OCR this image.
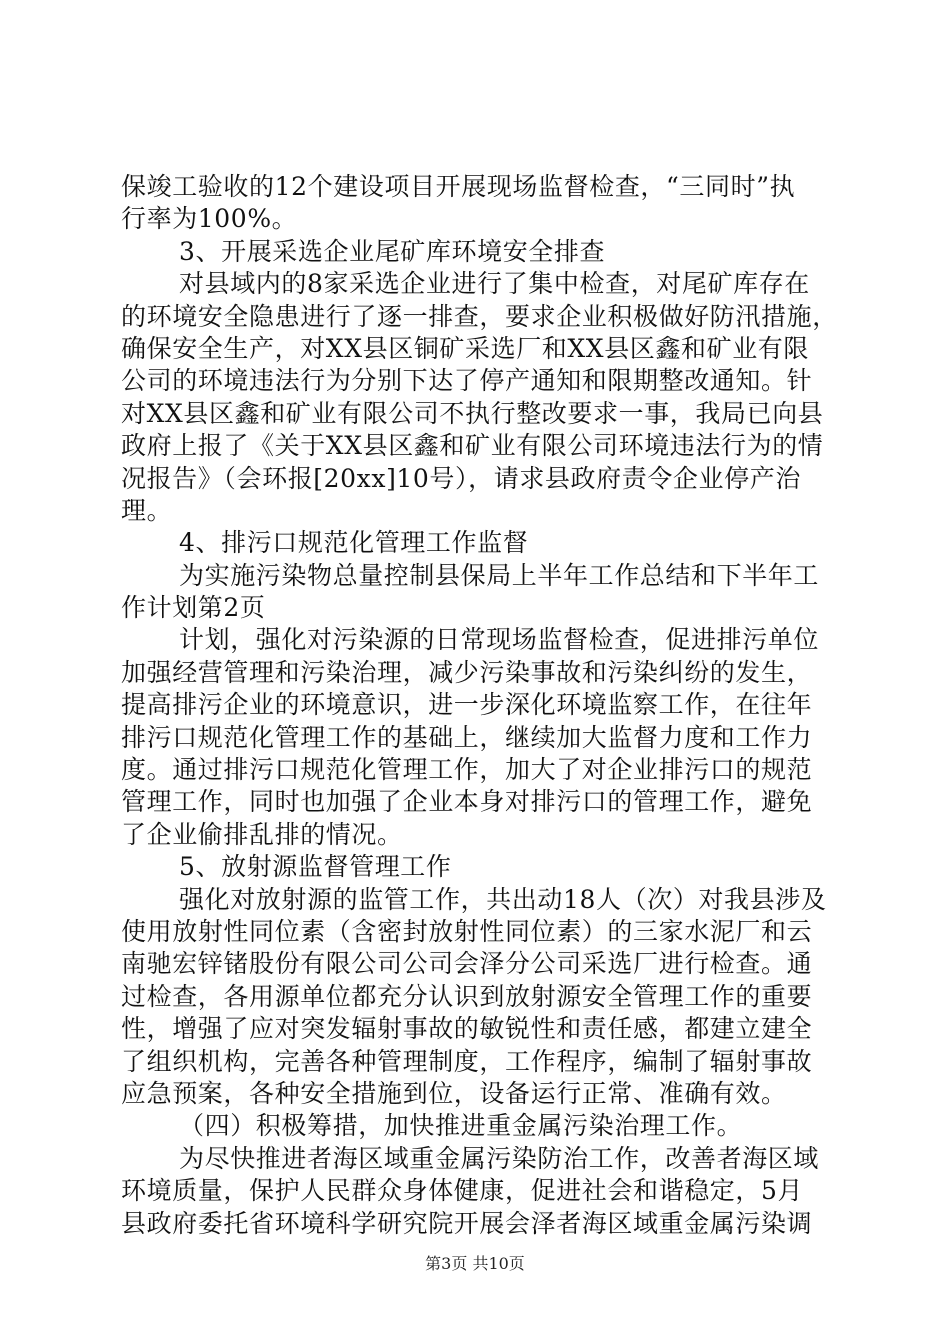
保竣工验收的12个建设项目开展现场监督检查，“三同时”执
行率为100%。
3、开展采选企业尾矿库环境安全排查
对县域内的8家采选企业进行了集中检查，对尾矿库存在
的环境安全隐患进行了逐一排查，要求企业积极做好防汛措施，
确保安全生产，对XX县区铜矿采选厂和XX县区鑫和矿业有限
公司的环境违法行为分别下达了停产通知和限期整改通知。针
对XX县区鑫和矿业有限公司不执行整改要求一事，我局已向县
政府上报了《关于XX县区鑫和矿业有限公司环境违法行为的情
况报告》（会环报[20xx]10号），请求县政府责令企业停产治
理。
4、排污口规范化管理工作监督
为实施污染物总量控制县保局上半年工作总结和下半年工
作计划第2页
计划，强化对污染源的日常现场监督检查，促进排污单位
加强经营管理和污染治理，减少污染事故和污染纠纷的发生，
提高排污企业的环境意识，进一步深化环境监察工作，在往年
排污口规范化管理工作的基础上，继续加大监督力度和工作力
度。通过排污口规范化管理工作，加大了对企业排污口的规范
管理工作，同时也加强了企业本身对排污口的管理工作，避免
了企业偷排乱排的情况。
5、放射源监督管理工作
强化对放射源的监管工作，共出动18人（次）对我县涉及
使用放射性同位素（含密封放射性同位素）的三家水泥厂和云
南驰宏锌锗股份有限公司公司会泽分公司采选厂进行检查。通
过检查，各用源单位都充分认识到放射源安全管理工作的重要
性，增强了应对突发辐射事故的敏锐性和责任感，都建立建全
了组织机构，完善各种管理制度，工作程序，编制了辐射事故
应急预案，各种安全措施到位，设备运行正常、准确有效。
（四）积极筹措，加快推进重金属污染治理工作。
为尽快推进者海区域重金属污染防治工作，改善者海区域
环境质量，保护人民群众身体健康，促进社会和谐稳定，5月
县政府委托省环境科学研究院开展会泽者海区域重金属污染调
第3页 共10页
